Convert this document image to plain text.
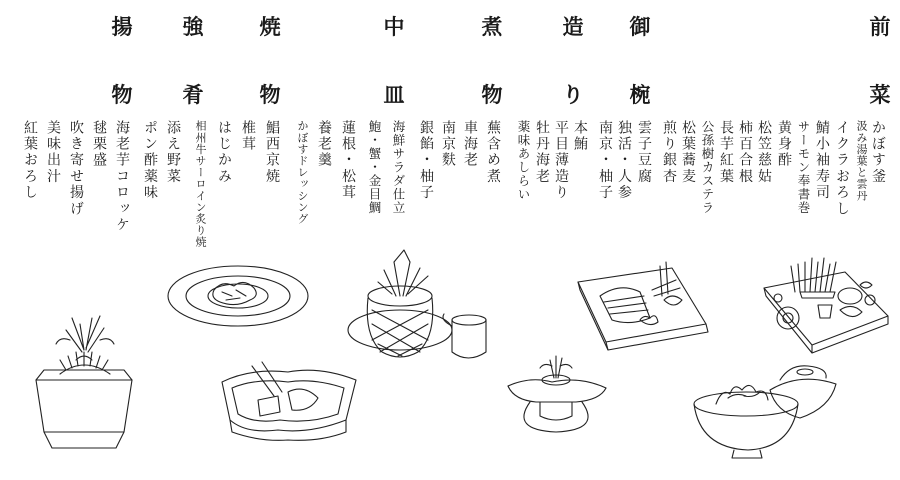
前
菜
御
椀
造
り
煮
物
中
皿
焼
物
強
肴
揚
物
かぼす釜
汲み湯葉と雲丹
イクラおろし
鯖小袖寿司
サーモン奉書巻
黄身酢
松笠慈姑
柿百合根
長芋紅葉
公孫樹カステラ
松葉蕎麦
煎り銀杏
雲子豆腐
独活・人参
南京・柚子
本鮪
平目薄造り
牡丹海老
薬味あしらい
蕪含め煮
車海老
南京麩
銀餡・柚子
海鮮サラダ仕立
鮑・蟹・金目鯛
蓮根・松茸
養老羹
かぼすドレッシング
鯧西京焼
椎茸
はじかみ
相州牛サーロイン炙り焼
添え野菜
ポン酢薬味
海老芋コロッケ
毬栗盛
吹き寄せ揚げ
美味出汁
紅葉おろし
